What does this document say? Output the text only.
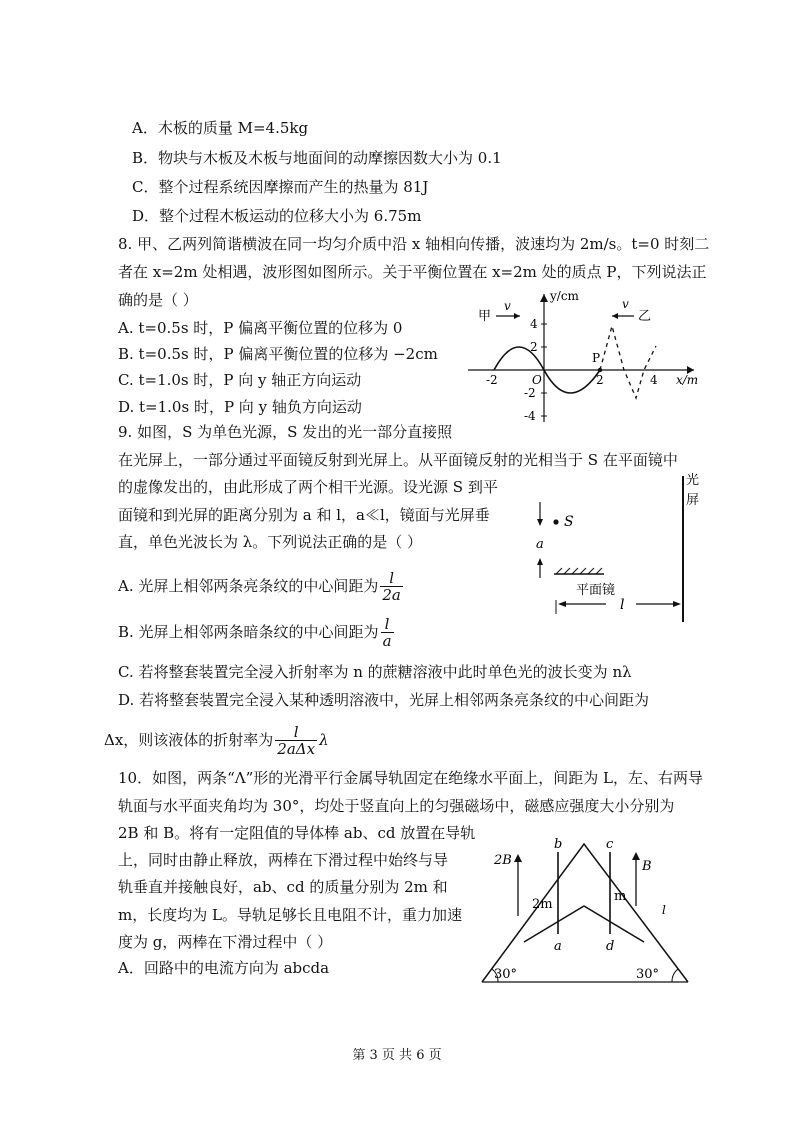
A．木板的质量 M=4.5kg
B．物块与木板及木板与地面间的动摩擦因数大小为 0.1
C．整个过程系统因摩擦而产生的热量为 81J
D．整个过程木板运动的位移大小为 6.75m
8. 甲、乙两列简谐横波在同一均匀介质中沿 x 轴相向传播，波速均为 2m/s。t=0 时刻二
者在 x=2m 处相遇，波形图如图所示。关于平衡位置在 x=2m 处的质点 P，下列说法正
确的是（ ）
A. t=0.5s 时，P 偏离平衡位置的位移为 0
B. t=0.5s 时，P 偏离平衡位置的位移为 −2cm
C. t=1.0s 时，P 向 y 轴正方向运动
D. t=1.0s 时，P 向 y 轴负方向运动
y/cm
x/m
4
2
-2
-4
-2	O	2	4
P
甲
v	v
乙
9. 如图，S 为单色光源，S 发出的光一部分直接照
在光屏上，一部分通过平面镜反射到光屏上。从平面镜反射的光相当于 S 在平面镜中
的虚像发出的，由此形成了两个相干光源。设光源 S 到平
面镜和到光屏的距离分别为 a 和 l，a≪l，镜面与光屏垂
直，单色光波长为 λ。下列说法正确的是（ ）
A. 光屏上相邻两条亮条纹的中心间距为 $\frac{l}{2a}$
B. 光屏上相邻两条暗条纹的中心间距为 $\frac{l}{a}$
C. 若将整套装置完全浸入折射率为 n 的蔗糖溶液中此时单色光的波长变为 nλ
D. 若将整套装置完全浸入某种透明溶液中，光屏上相邻两条亮条纹的中心间距为
Δx，则该液体的折射率为 $\frac{l}{\text{2aΔx}}$ λ
光
屏
S
a
平面镜
l
10．如图，两条“Λ”形的光滑平行金属导轨固定在绝缘水平面上，间距为 L，左、右两导
轨面与水平面夹角均为 30°，均处于竖直向上的匀强磁场中，磁感应强度大小分别为
2B 和 B。将有一定阻值的导体棒 ab、cd 放置在导轨
上，同时由静止释放，两棒在下滑过程中始终与导
轨垂直并接触良好，ab、cd 的质量分别为 2m 和
m，长度均为 L。导轨足够长且电阻不计，重力加速
度为 g，两棒在下滑过程中（ ）
A．回路中的电流方向为 abcda	30°	30°
b
a
2m
c
d
m
2B	B
l
第 3 页 共 6 页
